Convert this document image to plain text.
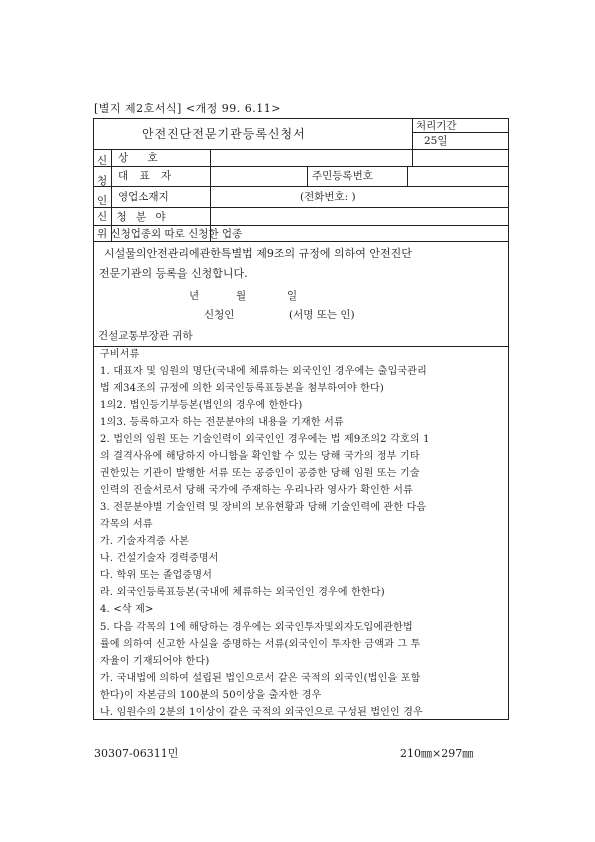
[별지 제2호서식] <개정 99. 6.11>
안전진단전문기관등록신청서
처리기간
25일
신
청
인
상 호
대 표 자	주민등록번호
영업소재지	(전화번호: )
신 청 분 야
위 신청업종외 따로 신청한 업종
시설물의안전관리에관한특별법 제9조의 규정에 의하여 안전진단
전문기관의 등록을 신청합니다.
년	월	일
신청인	(서명 또는 인)
건설교통부장관 귀하
구비서류
1. 대표자 및 임원의 명단(국내에 체류하는 외국인인 경우에는 출입국관리
법 제34조의 규정에 의한 외국인등록표등본을 첨부하여야 한다)
1의2. 법인등기부등본(법인의 경우에 한한다)
1의3. 등록하고자 하는 전문분야의 내용을 기재한 서류
2. 법인의 임원 또는 기술인력이 외국인인 경우에는 법 제9조의2 각호의 1
의 결격사유에 해당하지 아니함을 확인할 수 있는 당해 국가의 정부 기타
권한있는 기관이 발행한 서류 또는 공증인이 공증한 당해 임원 또는 기술
인력의 진술서로서 당해 국가에 주재하는 우리나라 영사가 확인한 서류
3. 전문분야별 기술인력 및 장비의 보유현황과 당해 기술인력에 관한 다음
각목의 서류
가. 기술자격증 사본
나. 건설기술자 경력증명서
다. 학위 또는 졸업증명서
라. 외국인등록표등본(국내에 체류하는 외국인인 경우에 한한다)
4. <삭 제>
5. 다음 각목의 1에 해당하는 경우에는 외국인투자및외자도입에관한법
률에 의하여 신고한 사실을 증명하는 서류(외국인이 투자한 금액과 그 투
자율이 기재되어야 한다)
가. 국내법에 의하여 설립된 법인으로서 같은 국적의 외국인(법인을 포함
한다)이 자본금의 100분의 50이상을 출자한 경우
나. 임원수의 2분의 1이상이 같은 국적의 외국인으로 구성된 법인인 경우
30307-06311민	210㎜×297㎜
